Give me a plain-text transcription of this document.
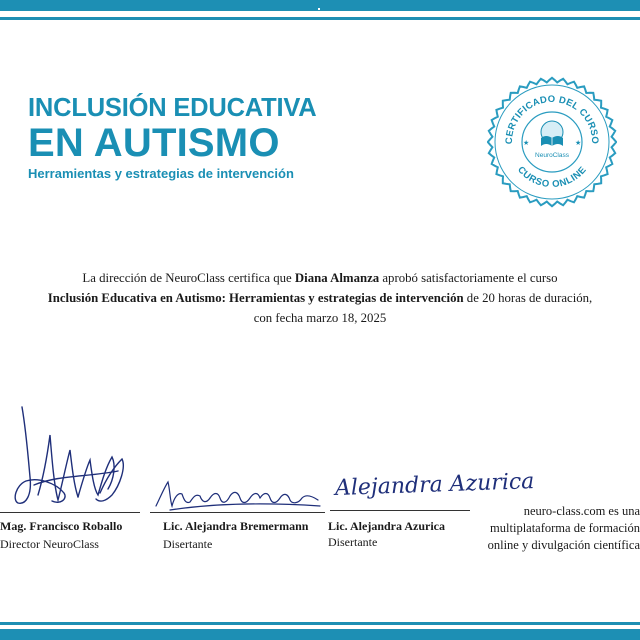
INCLUSIÓN EDUCATIVA
EN AUTISMO
Herramientas y estrategias de intervención
CERTIFICADO DEL CURSO
CURSO ONLINE
★	★
NeuroClass

La dirección de NeuroClass certifica que Diana Almanza aprobó satisfactoriamente el curso

Inclusión Educativa en Autismo: Herramientas y estrategias de intervención de 20 horas de duración,

con fecha marzo 18, 2025

Mag. Francisco Roballo
Director NeuroClass
Lic. Alejandra Bremermann
Disertante
Alejandra Azurica
Lic. Alejandra Azurica
Disertante
neuro-class.com es una
multiplataforma de formación
online y divulgación científica
